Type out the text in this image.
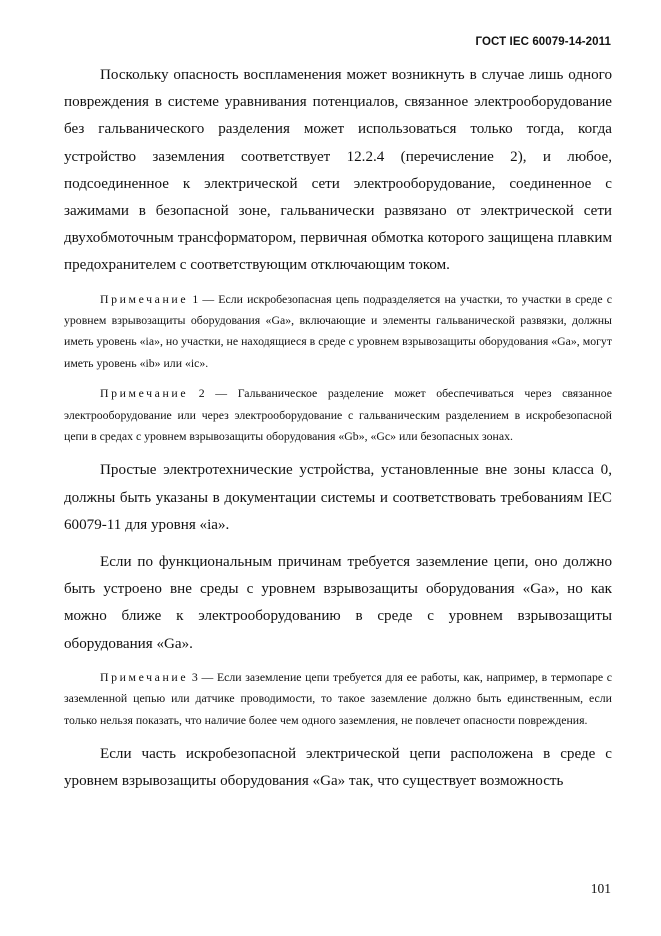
ГОСТ IEC 60079-14-2011

Поскольку опасность воспламенения может возникнуть в случае лишь одного повреждения в системе уравнивания потенциалов, связанное электрооборудование без гальванического разделения может использоваться только тогда, когда устройство заземления соответствует 12.2.4 (перечисление 2), и любое, подсоединенное к электрической сети электрооборудование, соединенное с зажимами в безопасной зоне, гальванически развязано от электрической сети двухобмоточным трансформатором, первичная обмотка которого защищена плавким предохранителем с соответствующим отключающим током.

Примечание 1 — Если искробезопасная цепь подразделяется на участки, то участки в среде с уровнем взрывозащиты оборудования «Ga», включающие и элементы гальванической развязки, должны иметь уровень «ia», но участки, не находящиеся в среде с уровнем взрывозащиты оборудования «Ga», могут иметь уровень «ib» или «ic».

Примечание 2 — Гальваническое разделение может обеспечиваться через связанное электрооборудование или через электрооборудование с гальваническим разделением в искробезопасной цепи в средах с уровнем взрывозащиты оборудования «Gb», «Gc» или безопасных зонах.

Простые электротехнические устройства, установленные вне зоны класса 0, должны быть указаны в документации системы и соответствовать требованиям IEC 60079-11 для уровня «ia».

Если по функциональным причинам требуется заземление цепи, оно должно быть устроено вне среды с уровнем взрывозащиты оборудования «Ga», но как можно ближе к электрооборудованию в среде с уровнем взрывозащиты оборудования «Ga».

Примечание 3 — Если заземление цепи требуется для ее работы, как, например, в термопаре с заземленной цепью или датчике проводимости, то такое заземление должно быть единственным, если только нельзя показать, что наличие более чем одного заземления, не повлечет опасности повреждения.

Если часть искробезопасной электрической цепи расположена в среде с уровнем взрывозащиты оборудования «Ga» так, что существует возможность

101
